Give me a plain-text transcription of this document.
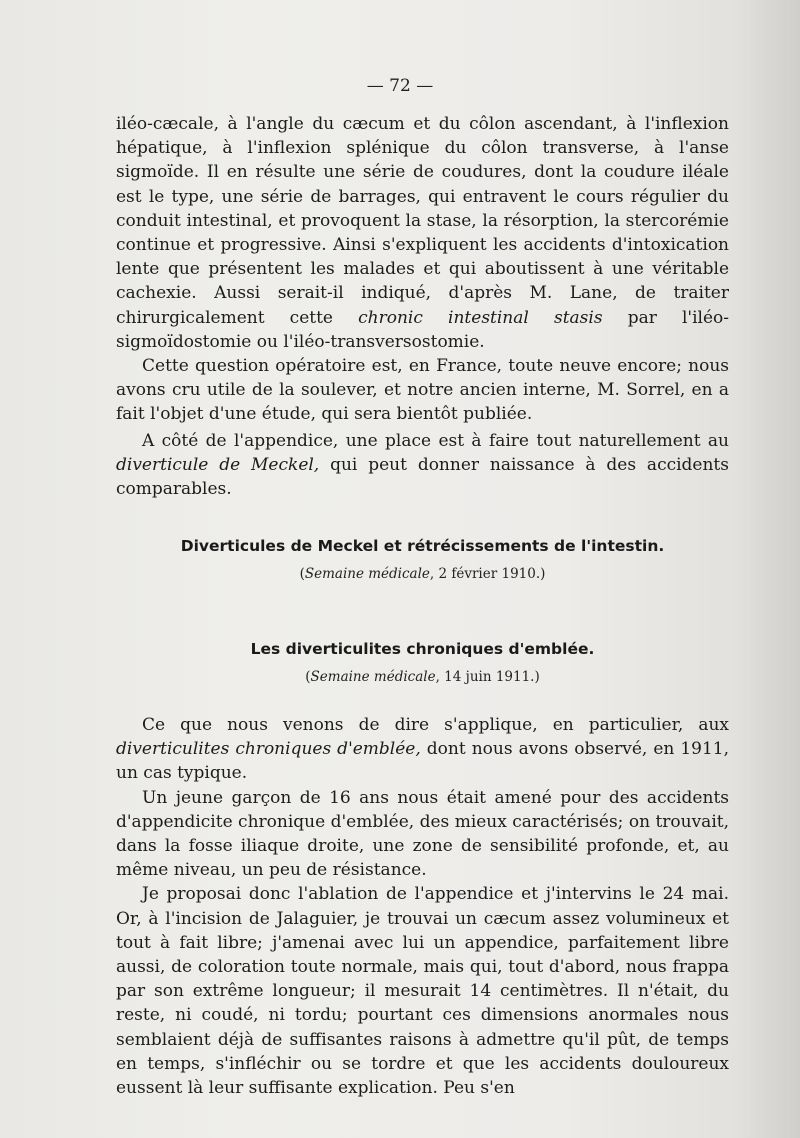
— 72 —

iléo-cæcale, à l'angle du cæcum et du côlon ascendant, à l'inflexion hépatique, à l'inflexion splénique du côlon transverse, à l'anse sigmoïde. Il en résulte une série de coudures, dont la coudure iléale est le type, une série de barrages, qui entravent le cours régulier du conduit intestinal, et provoquent la stase, la résorption, la stercorémie continue et progressive. Ainsi s'expliquent les accidents d'intoxication lente que présentent les malades et qui aboutissent à une véritable cachexie. Aussi serait-il indiqué, d'après M. Lane, de traiter chirurgicalement cette chronic intestinal stasis par l'iléo-sigmoïdostomie ou l'iléo-transversostomie.

Cette question opératoire est, en France, toute neuve encore; nous avons cru utile de la soulever, et notre ancien interne, M. Sorrel, en a fait l'objet d'une étude, qui sera bientôt publiée.

A côté de l'appendice, une place est à faire tout naturellement au diverticule de Meckel, qui peut donner naissance à des accidents comparables.

Diverticules de Meckel et rétrécissements de l'intestin.
(Semaine médicale, 2 février 1910.)
Les diverticulites chroniques d'emblée.
(Semaine médicale, 14 juin 1911.)

Ce que nous venons de dire s'applique, en particulier, aux diverticulites chroniques d'emblée, dont nous avons observé, en 1911, un cas typique.

Un jeune garçon de 16 ans nous était amené pour des accidents d'appendicite chronique d'emblée, des mieux caractérisés; on trouvait, dans la fosse iliaque droite, une zone de sensibilité profonde, et, au même niveau, un peu de résistance.

Je proposai donc l'ablation de l'appendice et j'intervins le 24 mai. Or, à l'incision de Jalaguier, je trouvai un cæcum assez volumineux et tout à fait libre; j'amenai avec lui un appendice, parfaitement libre aussi, de coloration toute normale, mais qui, tout d'abord, nous frappa par son extrême longueur; il mesurait 14 centimètres. Il n'était, du reste, ni coudé, ni tordu; pourtant ces dimensions anormales nous semblaient déjà de suffisantes raisons à admettre qu'il pût, de temps en temps, s'infléchir ou se tordre et que les accidents douloureux eussent là leur suffisante explication. Peu s'en
